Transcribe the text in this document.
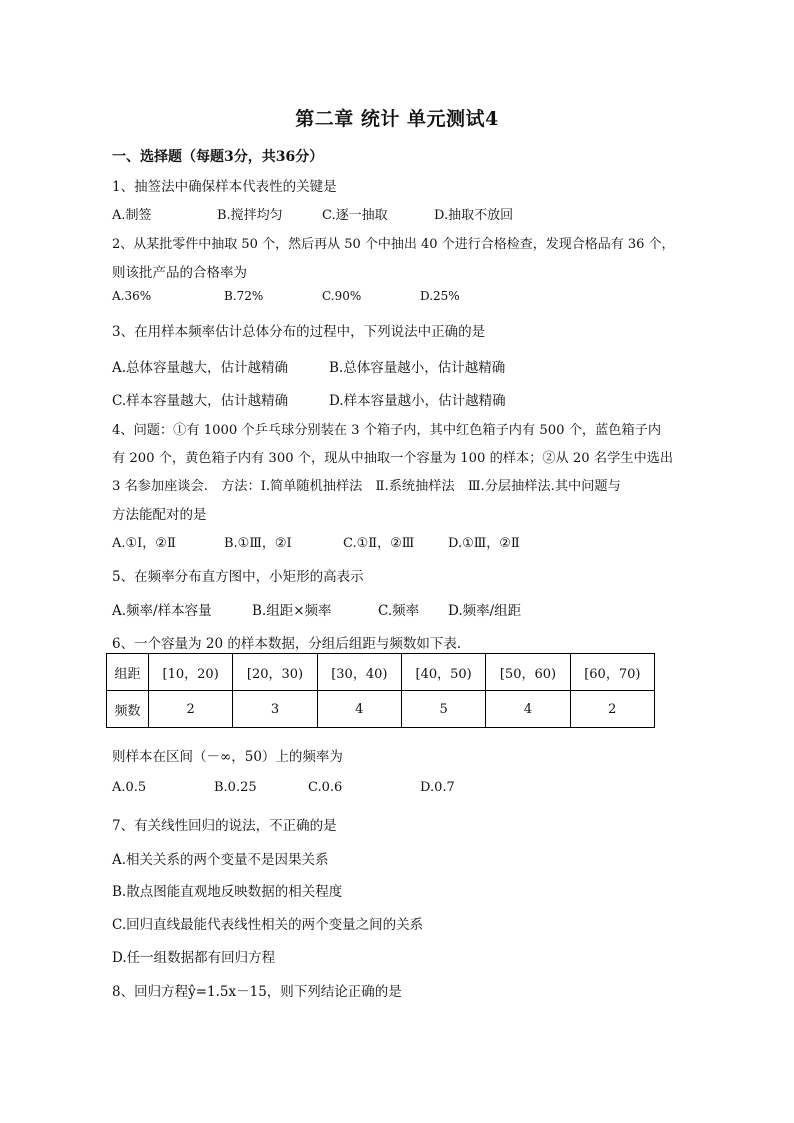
第二章 统计 单元测试4
一、选择题（每题3分，共36分）
1、抽签法中确保样本代表性的关键是
A.制签	B.搅拌均匀	C.逐一抽取	D.抽取不放回
2、从某批零件中抽取 50 个，然后再从 50 个中抽出 40 个进行合格检查，发现合格品有 36 个，
则该批产品的合格率为
A.36%	B.72%	C.90%	D.25%
3、在用样本频率估计总体分布的过程中，下列说法中正确的是
A.总体容量越大，估计越精确	B.总体容量越小，估计越精确
C.样本容量越大，估计越精确	D.样本容量越小，估计越精确
4、问题：①有 1000 个乒乓球分别装在 3 个箱子内，其中红色箱子内有 500 个，蓝色箱子内
有 200 个，黄色箱子内有 300 个，现从中抽取一个容量为 100 的样本；②从 20 名学生中选出
3 名参加座谈会.　方法：Ⅰ.简单随机抽样法　Ⅱ.系统抽样法　Ⅲ.分层抽样法.其中问题与
方法能配对的是
A.①Ⅰ，②Ⅱ	B.①Ⅲ，②Ⅰ	C.①Ⅱ，②Ⅲ	D.①Ⅲ，②Ⅱ
5、在频率分布直方图中，小矩形的高表示
A.频率/样本容量	B.组距×频率	C.频率 D.频率/组距
6、一个容量为 20 的样本数据，分组后组距与频数如下表.
组距	[10，20)	[20，30)	[30，40)	[40，50)	[50，60)	[60，70)
频数	2	3	4	5	4	2
则样本在区间（－∞，50）上的频率为
A.0.5	B.0.25	C.0.6	D.0.7
7、有关线性回归的说法，不正确的是
A.相关关系的两个变量不是因果关系
B.散点图能直观地反映数据的相关程度
C.回归直线最能代表线性相关的两个变量之间的关系
D.任一组数据都有回归方程
8、回归方程ŷ=1.5x－15，则下列结论正确的是
